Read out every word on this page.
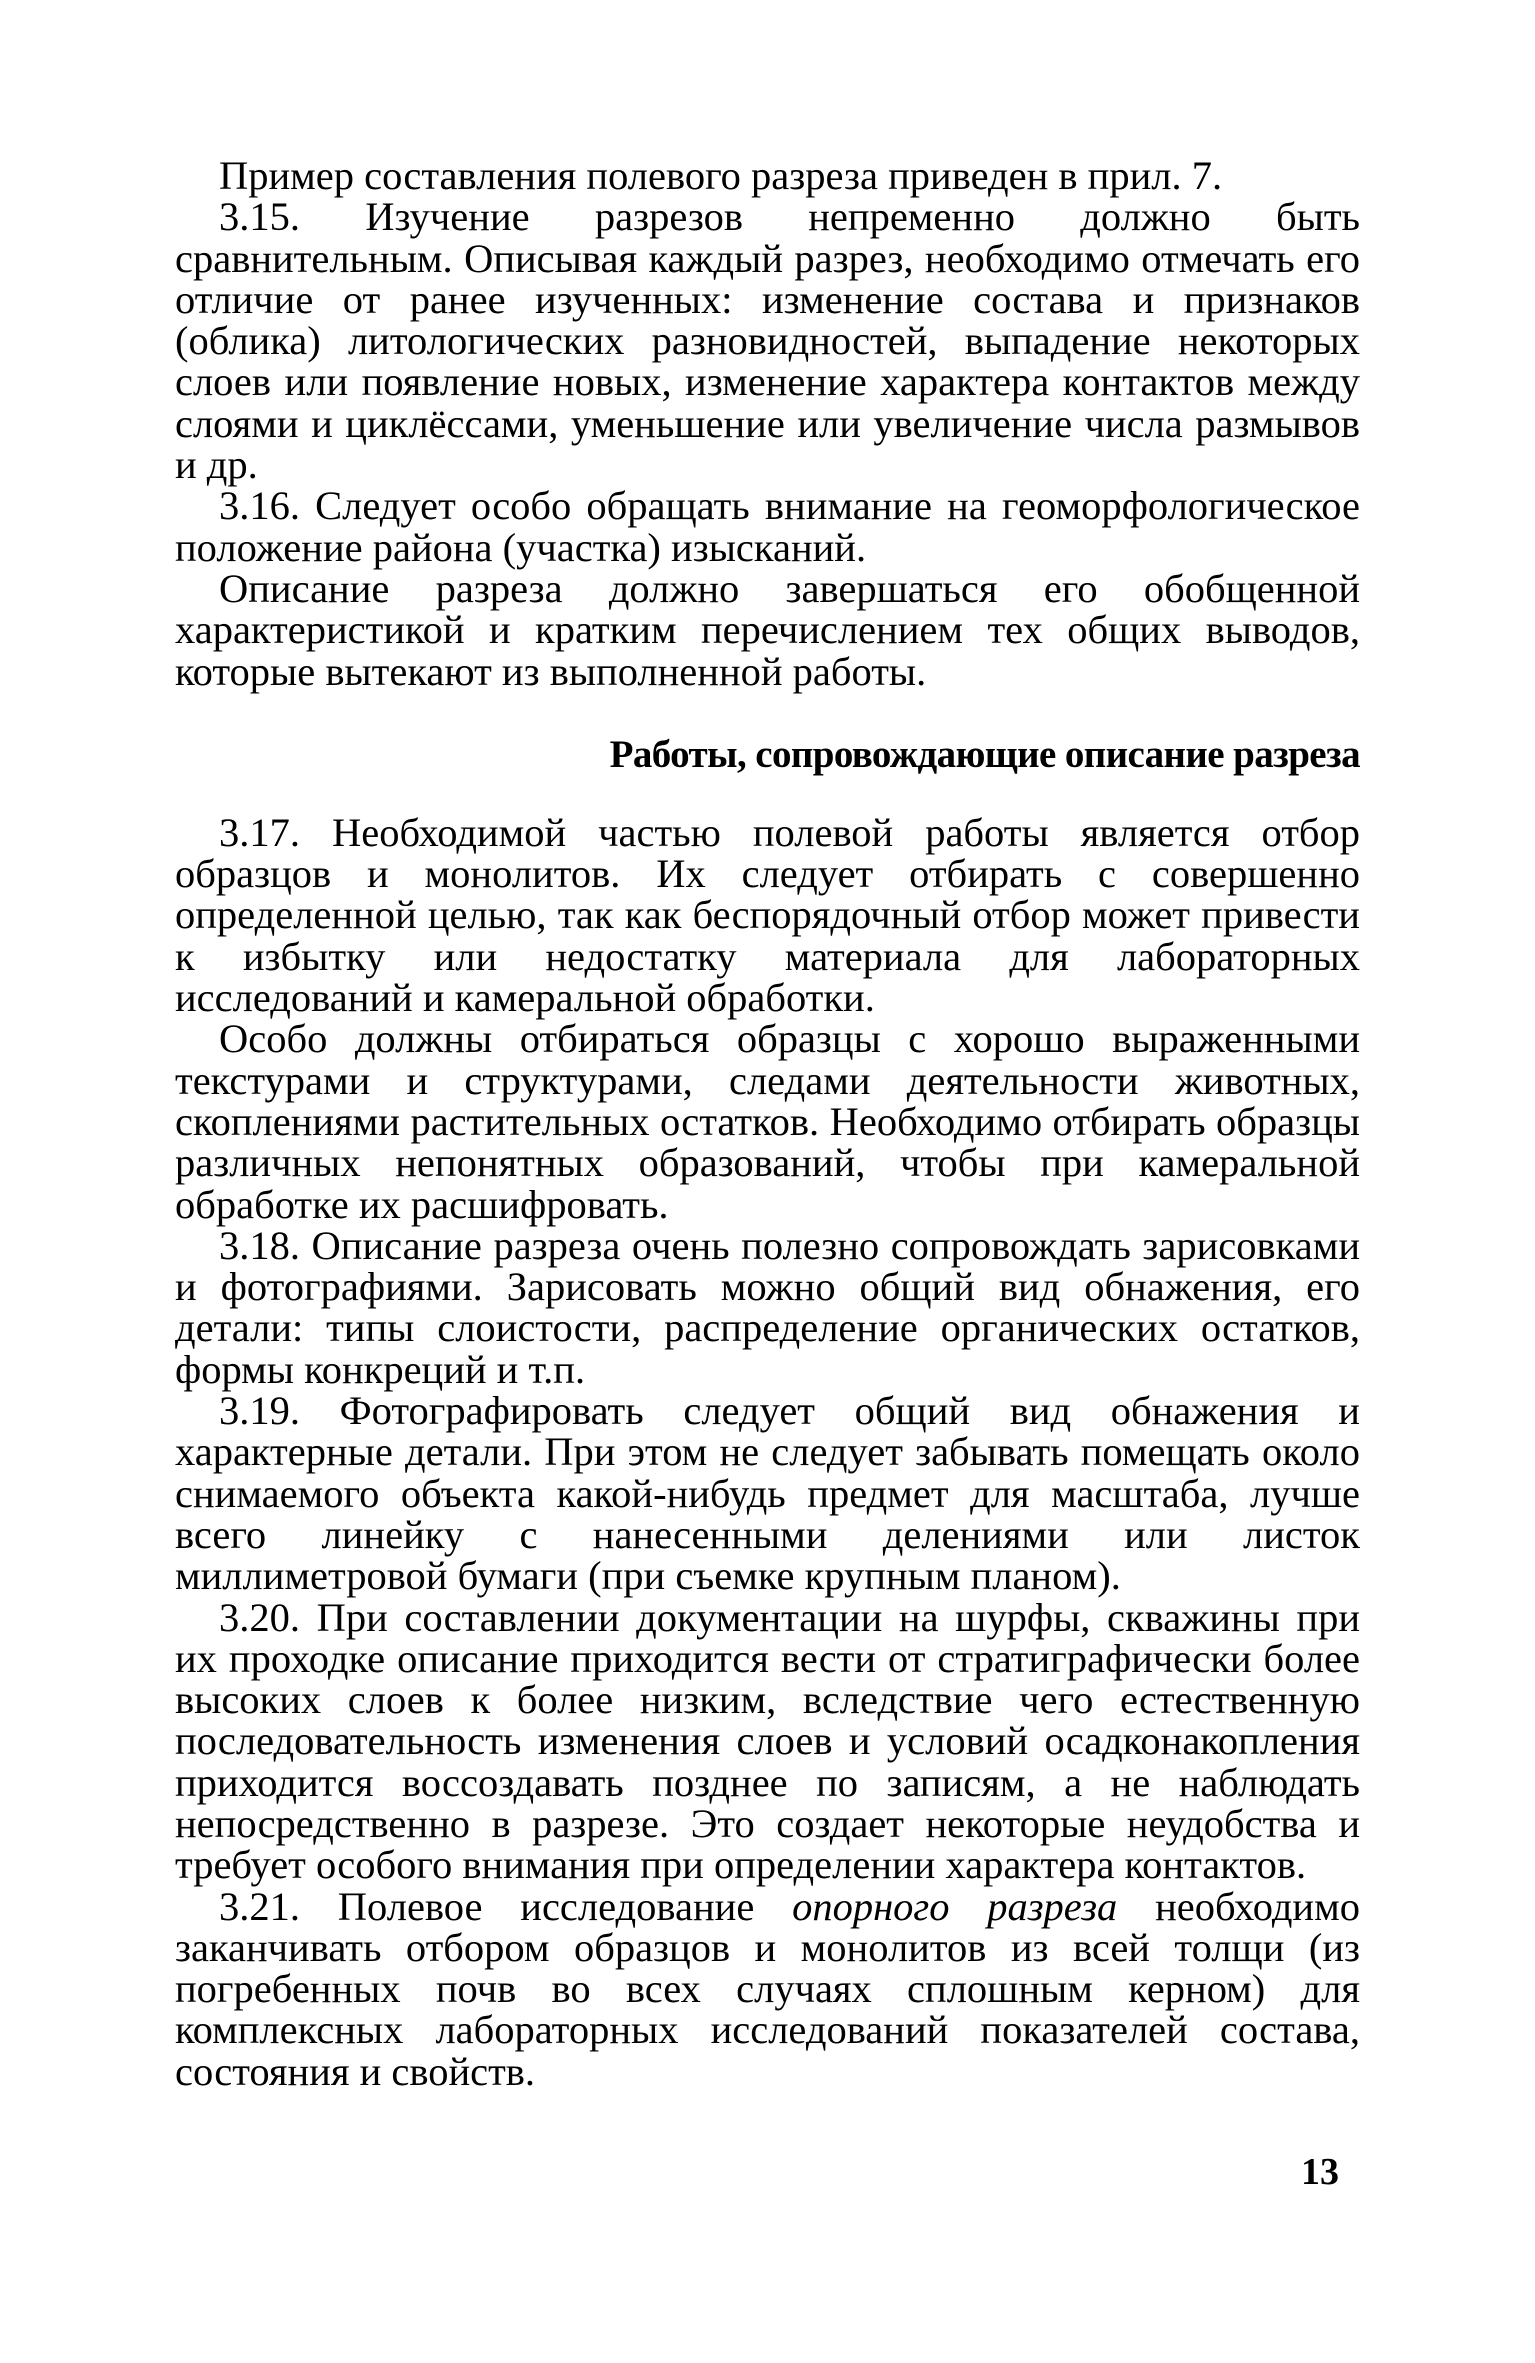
Пример составления полевого разреза приведен в прил. 7.

3.15. Изучение разрезов непременно должно быть сравнительным. Описывая каждый разрез, необходимо отмечать его отличие от ранее изученных: изменение состава и признаков (облика) литологических разновидностей, выпадение некоторых слоев или появление новых, изменение характера контактов между слоями и циклёссами, уменьшение или увеличение числа размывов и др.

3.16. Следует особо обращать внимание на геоморфологическое положение района (участка) изысканий.

Описание разреза должно завершаться его обобщенной характеристикой и кратким перечислением тех общих выводов, которые вытекают из выполненной работы.

Работы, сопровождающие описание разреза

3.17. Необходимой частью полевой работы является отбор образцов и монолитов. Их следует отбирать с совершенно определенной целью, так как беспорядочный отбор может привести к избытку или недостатку материала для лабораторных исследований и камеральной обработки.

Особо должны отбираться образцы с хорошо выраженными текстурами и структурами, следами деятельности животных, скоплениями растительных остатков. Необходимо отбирать образцы различных непонятных образований, чтобы при камеральной обработке их расшифровать.

3.18. Описание разреза очень полезно сопровождать зарисовками и фотографиями. Зарисовать можно общий вид обнажения, его детали: типы слоистости, распределение органических остатков, формы конкреций и т.п.

3.19. Фотографировать следует общий вид обнажения и характерные детали. При этом не следует забывать помещать около снимаемого объекта какой-нибудь предмет для масштаба, лучше всего линейку с нанесенными делениями или листок миллиметровой бумаги (при съемке крупным планом).

3.20. При составлении документации на шурфы, скважины при их проходке описание приходится вести от стратиграфически более высоких слоев к более низким, вследствие чего естественную последовательность изменения слоев и условий осадконакопления приходится воссоздавать позднее по записям, а не наблюдать непосредственно в разрезе. Это создает некоторые неудобства и требует особого внимания при определении характера контактов.

3.21. Полевое исследование опорного разреза необходимо заканчивать отбором образцов и монолитов из всей толщи (из погребенных почв во всех случаях сплошным керном) для комплексных лабораторных исследований показателей состава, состояния и свойств.

13
